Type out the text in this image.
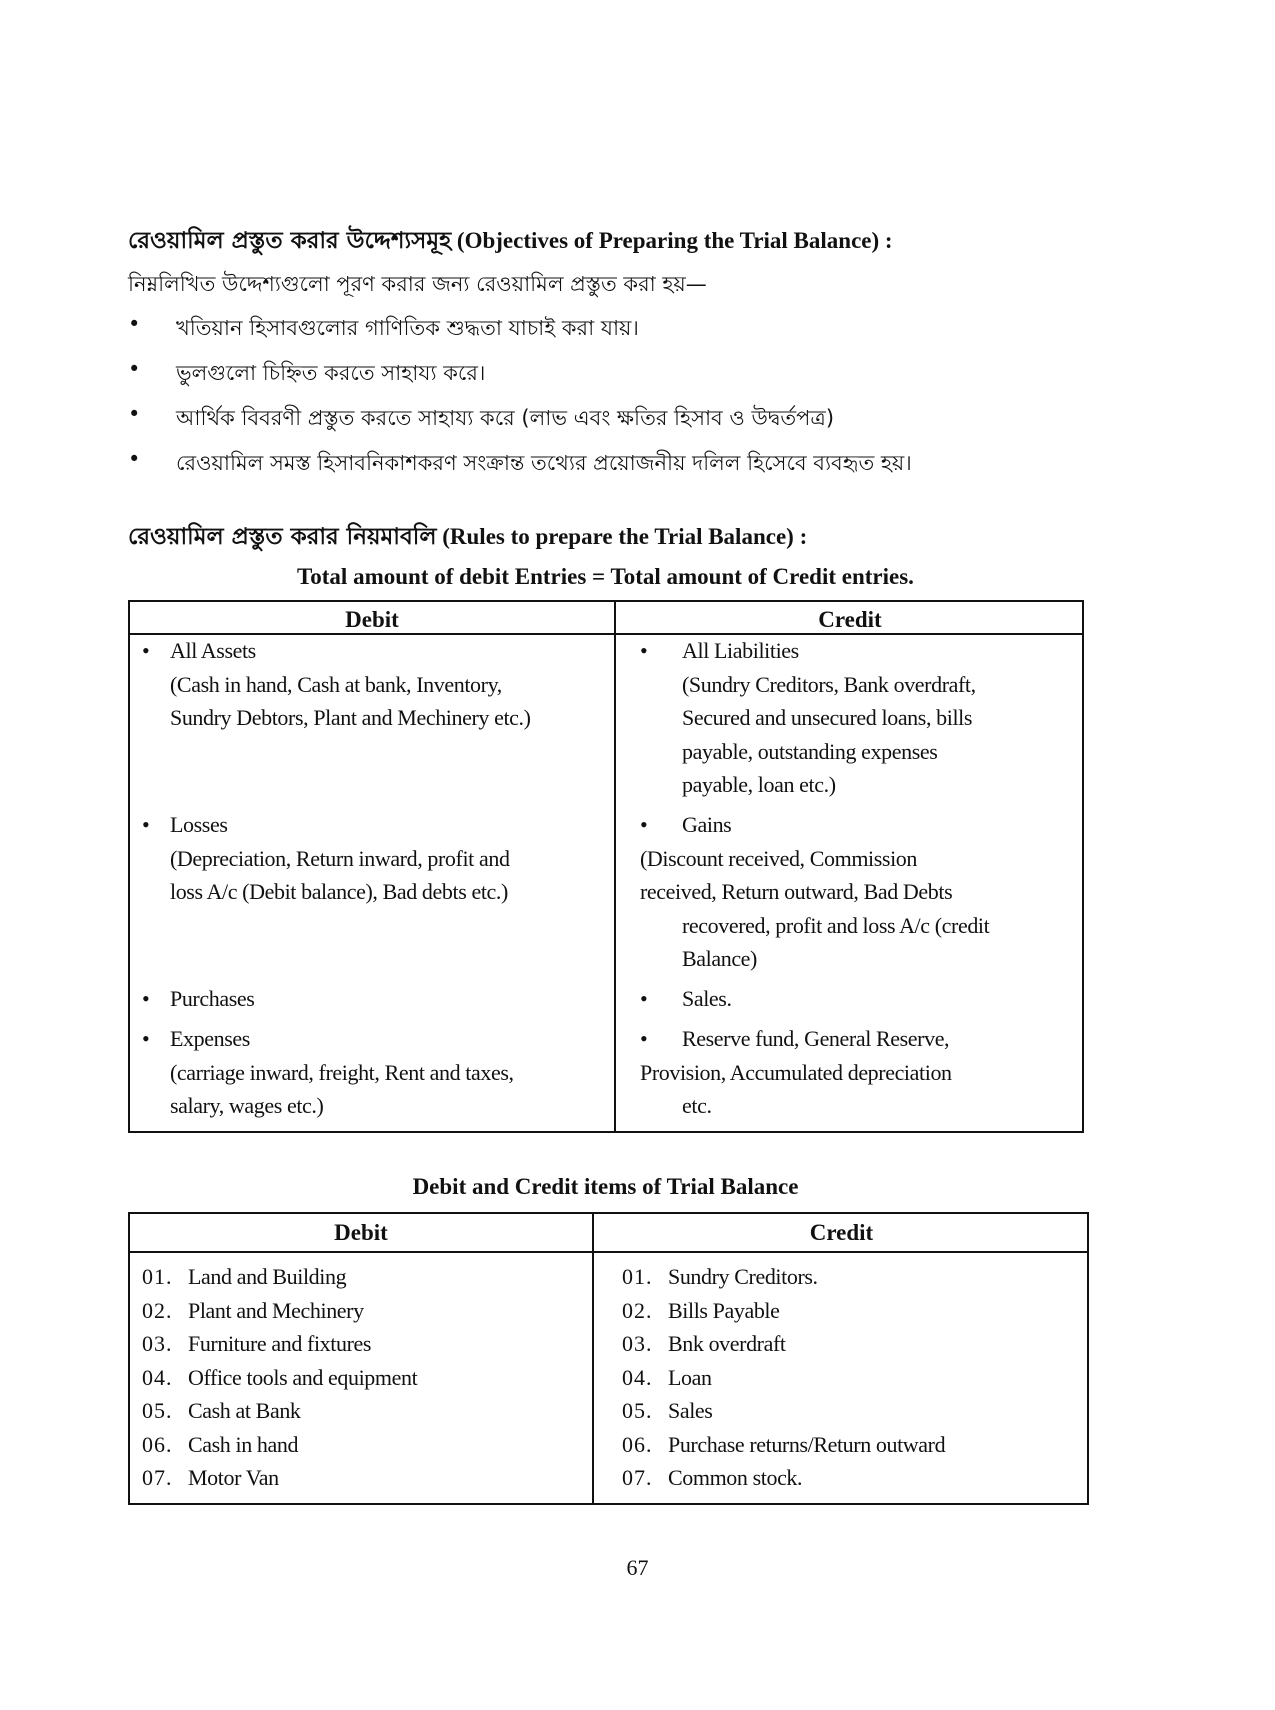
রেওয়ামিল প্রস্তুত করার উদ্দেশ্যসমূহ (Objectives of Preparing the Trial Balance) :
নিম্নলিখিত উদ্দেশ্যগুলো পূরণ করার জন্য রেওয়ামিল প্রস্তুত করা হয়—
• খতিয়ান হিসাবগুলোর গাণিতিক শুদ্ধতা যাচাই করা যায়।
• ভুলগুলো চিহ্নিত করতে সাহায্য করে।
• আর্থিক বিবরণী প্রস্তুত করতে সাহায্য করে (লাভ এবং ক্ষতির হিসাব ও উদ্বর্তপত্র)
• রেওয়ামিল সমস্ত হিসাবনিকাশকরণ সংক্রান্ত তথ্যের প্রয়োজনীয় দলিল হিসেবে ব্যবহৃত হয়।
রেওয়ামিল প্রস্তুত করার নিয়মাবলি (Rules to prepare the Trial Balance) :
Total amount of debit Entries = Total amount of Credit entries.
Debit	Credit
• All Assets
(Cash in hand, Cash at bank, Inventory,
Sundry Debtors, Plant and Mechinery etc.)
• Losses
(Depreciation, Return inward, profit and
loss A/c (Debit balance), Bad debts etc.)
• Purchases
• Expenses
(carriage inward, freight, Rent and taxes,
salary, wages etc.)
• All Liabilities
(Sundry Creditors, Bank overdraft,
Secured and unsecured loans, bills
payable, outstanding expenses
payable, loan etc.)
• Gains
(Discount received, Commission
received, Return outward, Bad Debts
recovered, profit and loss A/c (credit
Balance)
• Sales.
• Reserve fund, General Reserve,
Provision, Accumulated depreciation
etc.
Debit and Credit items of Trial Balance
Debit	Credit
01. Land and Building
02. Plant and Mechinery
03. Furniture and fixtures
04. Office tools and equipment
05. Cash at Bank
06. Cash in hand
07. Motor Van
01. Sundry Creditors.
02. Bills Payable
03. Bnk overdraft
04. Loan
05. Sales
06. Purchase returns/Return outward
07. Common stock.
67
